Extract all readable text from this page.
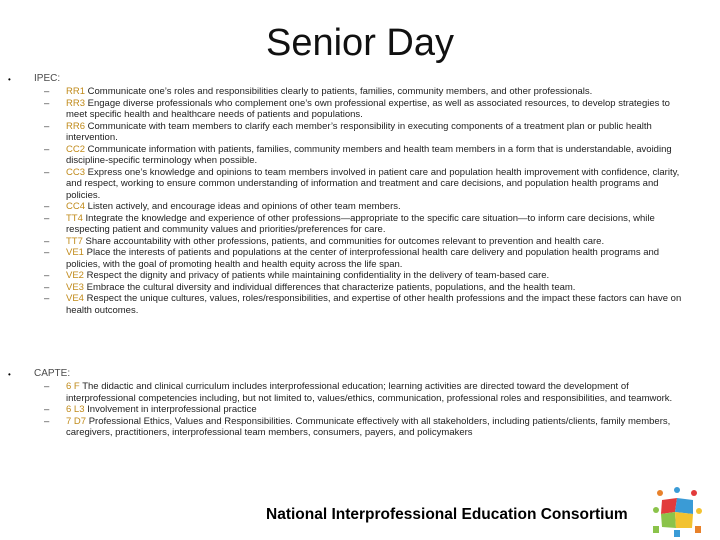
Senior Day
• IPEC:
– RR1 Communicate one’s roles and responsibilities clearly to patients, families, community members, and other professionals.
– RR3 Engage diverse professionals who complement one’s own professional expertise, as well as associated resources, to develop strategies to meet specific health and healthcare needs of patients and populations.
– RR6 Communicate with team members to clarify each member’s responsibility in executing components of a treatment plan or public health intervention.
– CC2 Communicate information with patients, families, community members and health team members in a form that is understandable, avoiding discipline-specific terminology when possible.
– CC3 Express one’s knowledge and opinions to team members involved in patient care and population health improvement with confidence, clarity, and respect, working to ensure common understanding of information and treatment and care decisions, and population health programs and policies.
– CC4 Listen actively, and encourage ideas and opinions of other team members.
– TT4 Integrate the knowledge and experience of other professions—appropriate to the specific care situation—to inform care decisions, while respecting patient and community values and priorities/preferences for care.
– TT7 Share accountability with other professions, patients, and communities for outcomes relevant to prevention and health care.
– VE1 Place the interests of patients and populations at the center of interprofessional health care delivery and population health programs and policies, with the goal of promoting health and health equity across the life span.
– VE2 Respect the dignity and privacy of patients while maintaining confidentiality in the delivery of team-based care.
– VE3 Embrace the cultural diversity and individual differences that characterize patients, populations, and the health team.
– VE4 Respect the unique cultures, values, roles/responsibilities, and expertise of other health professions and the impact these factors can have on health outcomes.
• CAPTE:
– 6 F The didactic and clinical curriculum includes interprofessional education; learning activities are directed toward the development of interprofessional competencies including, but not limited to, values/ethics, communication, professional roles and responsibilities, and teamwork.
– 6 L3 Involvement in interprofessional practice
– 7 D7 Professional Ethics, Values and Responsibilities. Communicate effectively with all stakeholders, including patients/clients, family members, caregivers, practitioners, interprofessional team members, consumers, payers, and policymakers
National Interprofessional Education Consortium
